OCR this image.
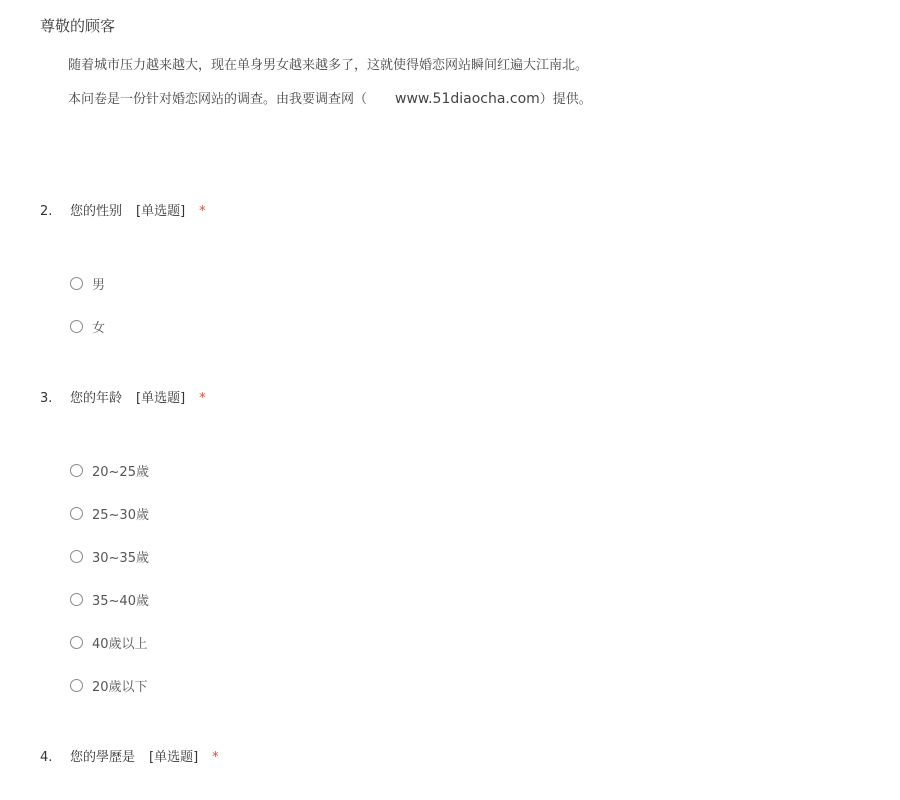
尊敬的顾客
随着城市压力越来越大，现在单身男女越来越多了，这就使得婚恋网站瞬间红遍大江南北。
本问卷是一份针对婚恋网站的调查。由我要调查网（ www.51diaocha.com）提供。
2. 您的性别 [单选题] *
男
女
3. 您的年龄 [单选题] *
20~25歲
25~30歲
30~35歲
35~40歲
40歲以上
20歲以下
4. 您的學歷是 [单选题] *
